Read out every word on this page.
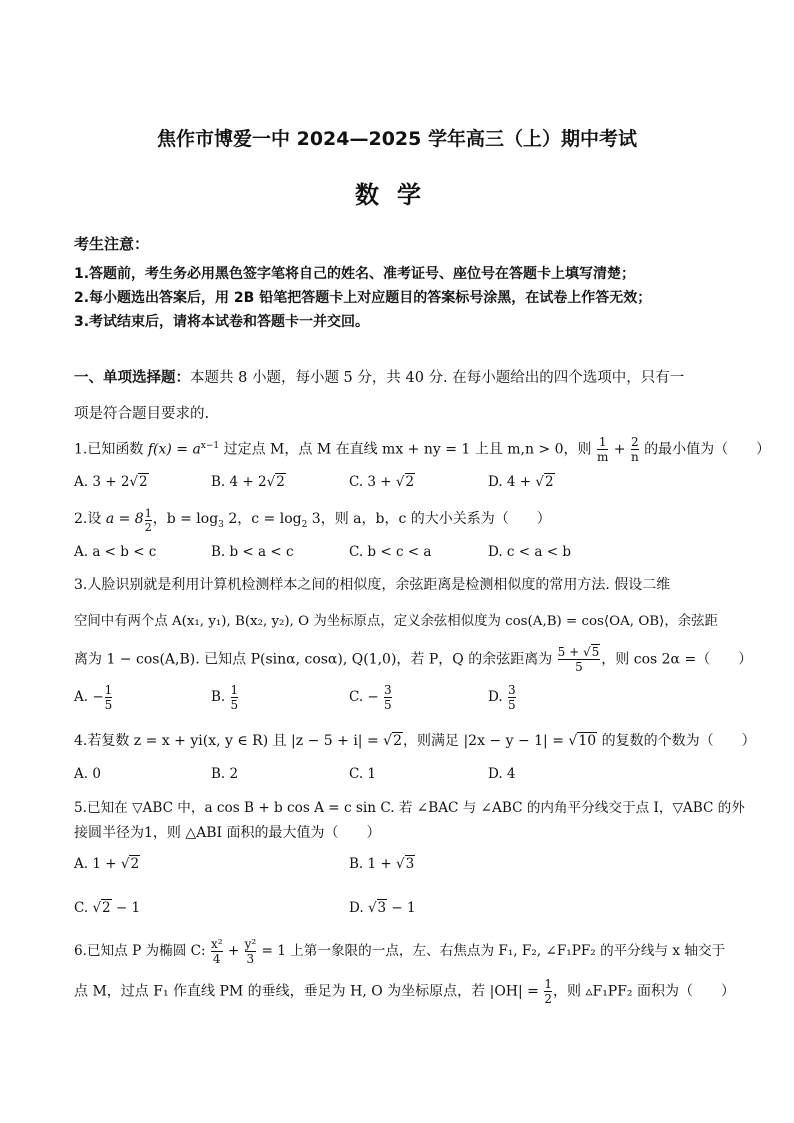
焦作市博爱一中 2024—2025 学年高三（上）期中考试
数学
考生注意：
1.答题前，考生务必用黑色签字笔将自己的姓名、准考证号、座位号在答题卡上填写清楚；
2.每小题选出答案后，用 2B 铅笔把答题卡上对应题目的答案标号涂黑，在试卷上作答无效；
3.考试结束后，请将本试卷和答题卡一并交回。
一、单项选择题：本题共 8 小题，每小题 5 分，共 40 分. 在每小题给出的四个选项中，只有一
项是符合题目要求的.
1.已知函数 $f(x) = a^{x-1}$ 过定点 M，点 M 在直线 mx + ny = 1 上且 m,n > 0，则 $\frac{1}{m} + \frac{2}{n}$ 的最小值为（　　）
A. 3 + 2√2	B. 4 + 2√2	C. 3 + √2	D. 4 + √2
2.设 $a = 8 \frac{1}{2}$ ，$b = \log_3 2$，$c = \log_2 3$，则 a，b，c 的大小关系为（　　）
A. a < b < c	B. b < a < c	C. b < c < a	D. c < a < b
3.人脸识别就是利用计算机检测样本之间的相似度，余弦距离是检测相似度的常用方法. 假设二维
空间中有两个点 A(x₁, y₁), B(x₂, y₂), O 为坐标原点，定义余弦相似度为 cos(A,B) = cos⟨OA, OB⟩，余弦距
离为 1 − cos(A,B). 已知点 P(sinα, cosα), Q(1,0)，若 P，Q 的余弦距离为 $\frac{5 + √5}{5}$ ，则 cos 2α =（　　）
A. − $\frac{1}{5}$	B. $\frac{1}{5}$	C. − $\frac{3}{5}$	D. $\frac{3}{5}$
4.若复数 z = x + yi(x, y ∈ R) 且 |z − 5 + i| = √2，则满足 |2x − y − 1| = √10 的复数的个数为（　　）
A. 0	B. 2	C. 1	D. 4
5.已知在 ▽ABC 中，a cos B + b cos A = c sin C. 若 ∠BAC 与 ∠ABC 的内角平分线交于点 I，▽ABC 的外
接圆半径为1，则 △ABI 面积的最大值为（　　）
A. 1 + √2	B. 1 + √3
C. √2 − 1	D. √3 − 1
6.已知点 P 为椭圆 C: $\frac{\text{x²}}{4} + \frac{\text{y²}}{3} = 1$ 上第一象限的一点，左、右焦点为 F₁, F₂, ∠F₁PF₂ 的平分线与 x 轴交于
点 M，过点 F₁ 作直线 PM 的垂线，垂足为 H, O 为坐标原点，若 $|OH| = \frac{1}{2}$ ，则 ▵F₁PF₂ 面积为（　　）
